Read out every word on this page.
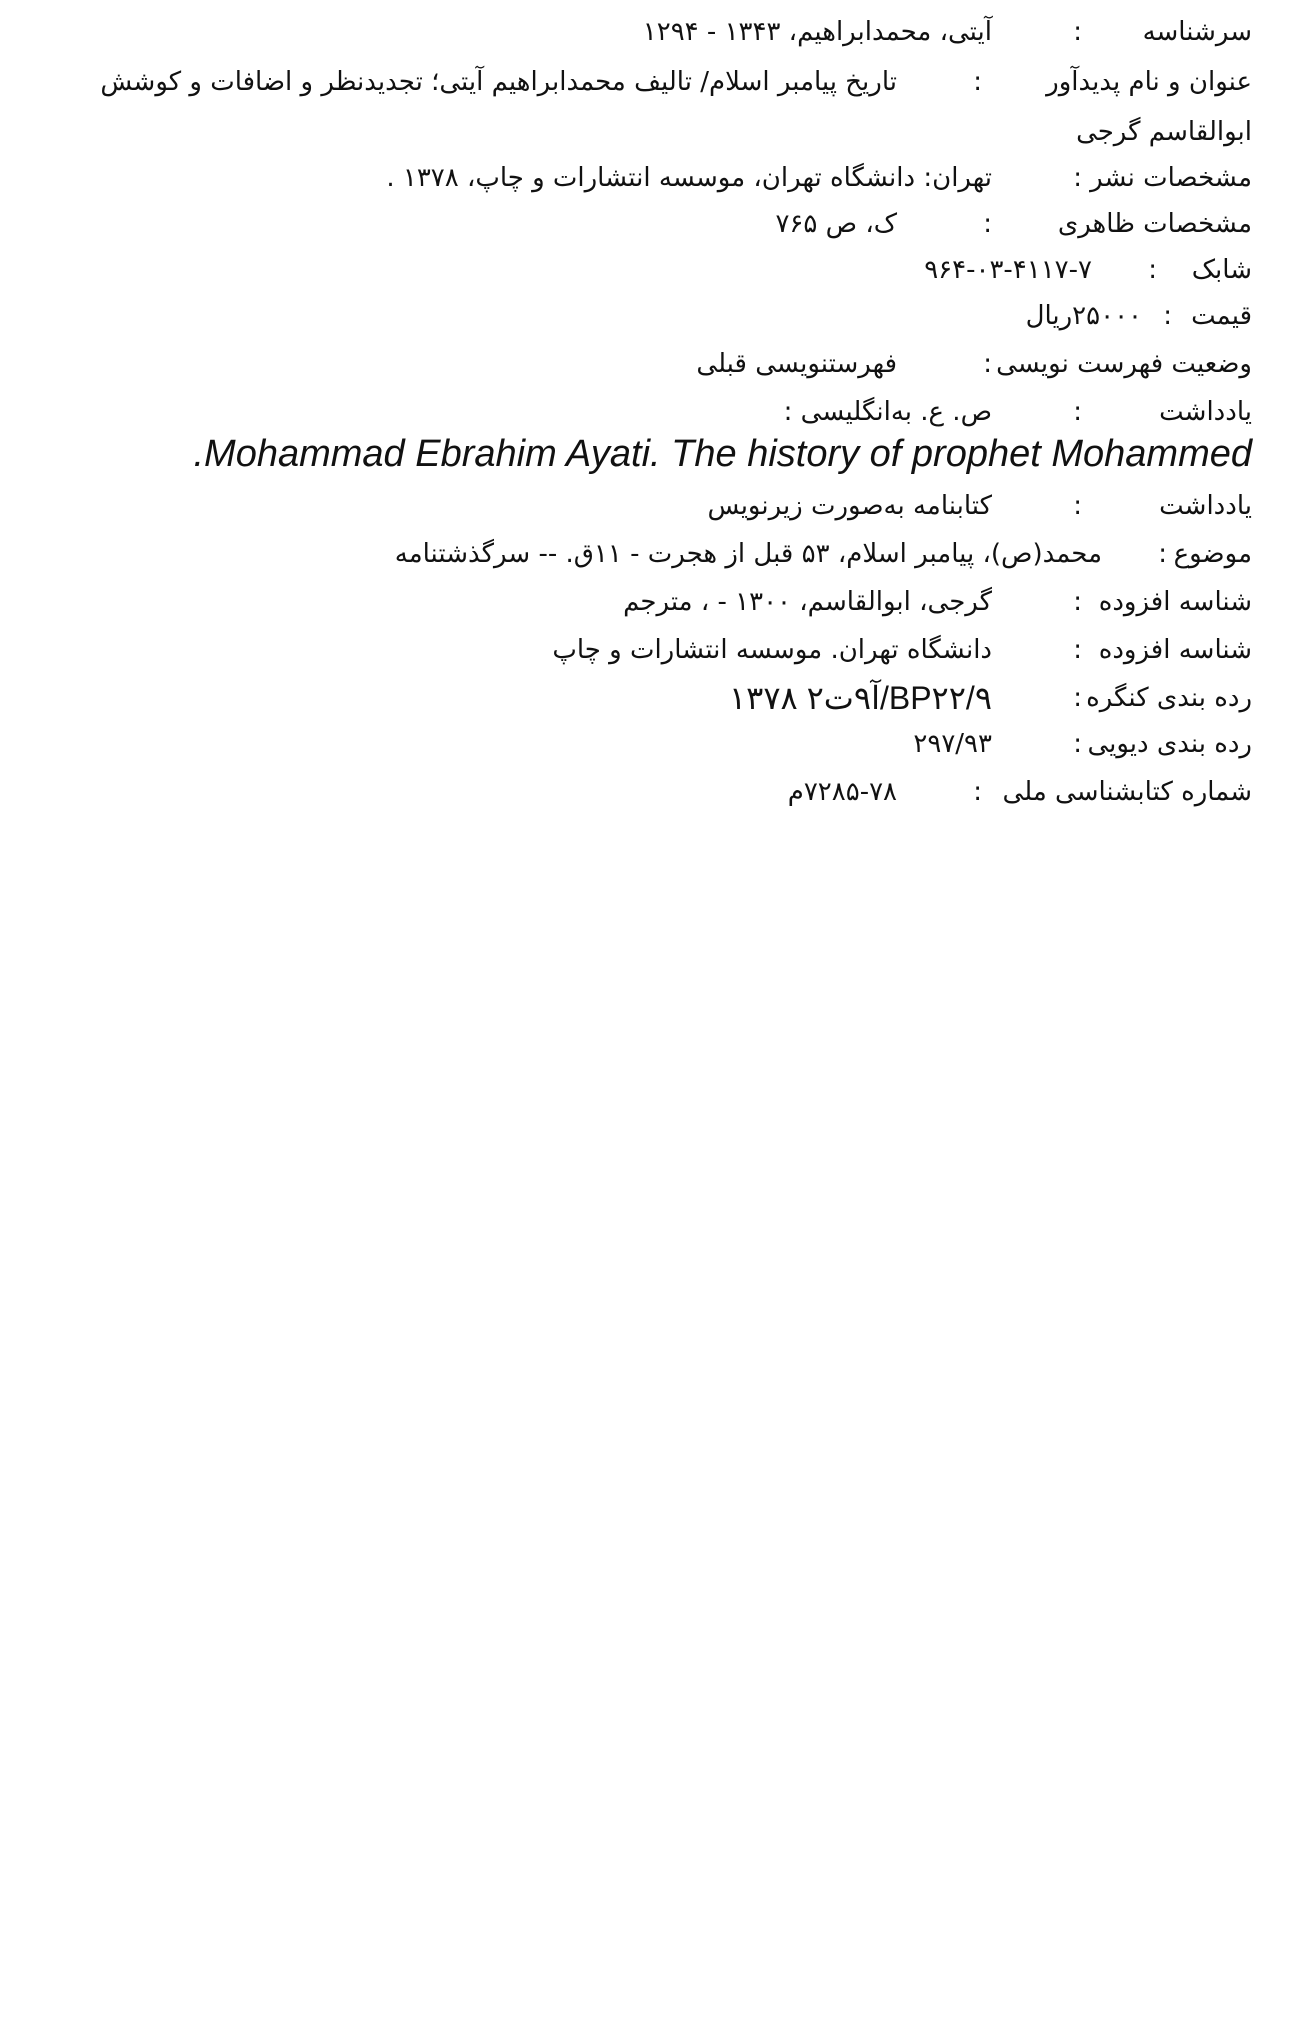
سرشناسه
:
آیتی، محمدابراهیم، ۱۳۴۳ - ۱۲۹۴
عنوان و نام پدیدآور
:
تاریخ پیامبر اسلام/ تالیف محمدابراهیم آیتی؛ تجدیدنظر و اضافات و کوشش
ابوالقاسم گرجی
مشخصات نشر
:
تهران: دانشگاه تهران، موسسه انتشارات و چاپ، ۱۳۷۸ .
مشخصات ظاهری
:
ک، ص ۷۶۵
شابک
:
۹۶۴-۰۳-۴۱۱۷-۷
قیمت
:
۲۵۰۰۰ریال
وضعیت فهرست نویسی
:
فهرستنویسی قبلی
یادداشت
:
ص. ع. به‌انگلیسی :
.Mohammad Ebrahim Ayati. The history of prophet Mohammed
یادداشت
:
کتابنامه به‌صورت زیرنویس
موضوع
:
محمد(ص)، پیامبر اسلام، ۵۳ قبل از هجرت - ۱۱ق. -- سرگذشتنامه
شناسه افزوده
:
گرجی، ابوالقاسم، ۱۳۰۰ - ، مترجم
شناسه افزوده
:
دانشگاه تهران. موسسه انتشارات و چاپ
رده بندی کنگره
:
BP۲۲/۹/آ۹ت۲ ۱۳۷۸
رده بندی دیویی
:
۲۹۷/۹۳
شماره کتابشناسی ملی
:
۷۲۸۵-۷۸م
